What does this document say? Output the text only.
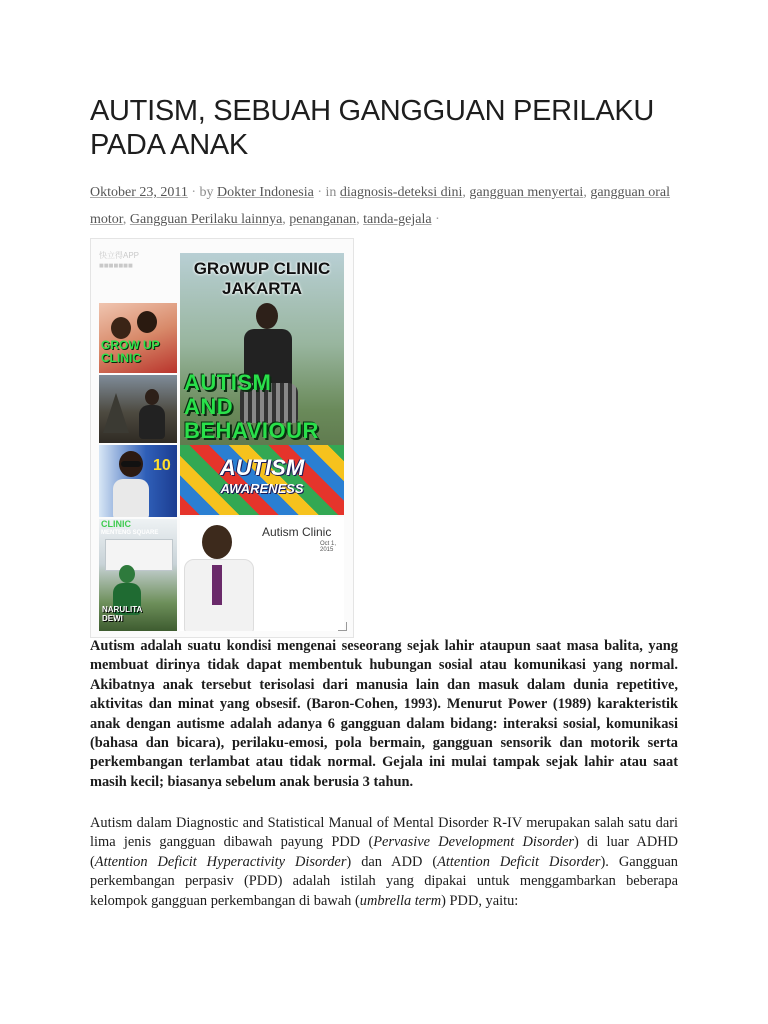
AUTISM, SEBUAH GANGGUAN PERILAKU PADA ANAK
Oktober 23, 2011 · by Dokter Indonesia · in diagnosis-deteksi dini, gangguan menyertai, gangguan oral motor, Gangguan Perilaku lainnya, penanganan, tanda-gejala ·
快立得APP
■■■■■■■	GRoWUP CLINIC
JAKARTA
AUTISM
AND
BEHAVIOUR
GROW UP
CLINIC
10	AUTISM
AWARENESS
CLINIC
MENTENG SQUARE
NARULITA
DEWI
Autism Clinic
Oct 1, 2015

Autism adalah suatu kondisi mengenai seseorang sejak lahir ataupun saat masa balita, yang membuat dirinya tidak dapat membentuk hubungan sosial atau komunikasi yang normal. Akibatnya anak tersebut terisolasi dari manusia lain dan masuk dalam dunia repetitive, aktivitas dan minat yang obsesif. (Baron-Cohen, 1993). Menurut Power (1989) karakteristik anak dengan autisme adalah adanya 6 gangguan dalam bidang: interaksi sosial, komunikasi (bahasa dan bicara), perilaku-emosi, pola bermain, gangguan sensorik dan motorik serta perkembangan terlambat atau tidak normal. Gejala ini mulai tampak sejak lahir atau saat masih kecil; biasanya sebelum anak berusia 3 tahun.

Autism dalam Diagnostic and Statistical Manual of Mental Disorder R-IV merupakan salah satu dari lima jenis gangguan dibawah payung PDD (Pervasive Development Disorder) di luar ADHD (Attention Deficit Hyperactivity Disorder) dan ADD (Attention Deficit Disorder). Gangguan perkembangan perpasiv (PDD) adalah istilah yang dipakai untuk menggambarkan beberapa kelompok gangguan perkembangan di bawah (umbrella term) PDD, yaitu:
